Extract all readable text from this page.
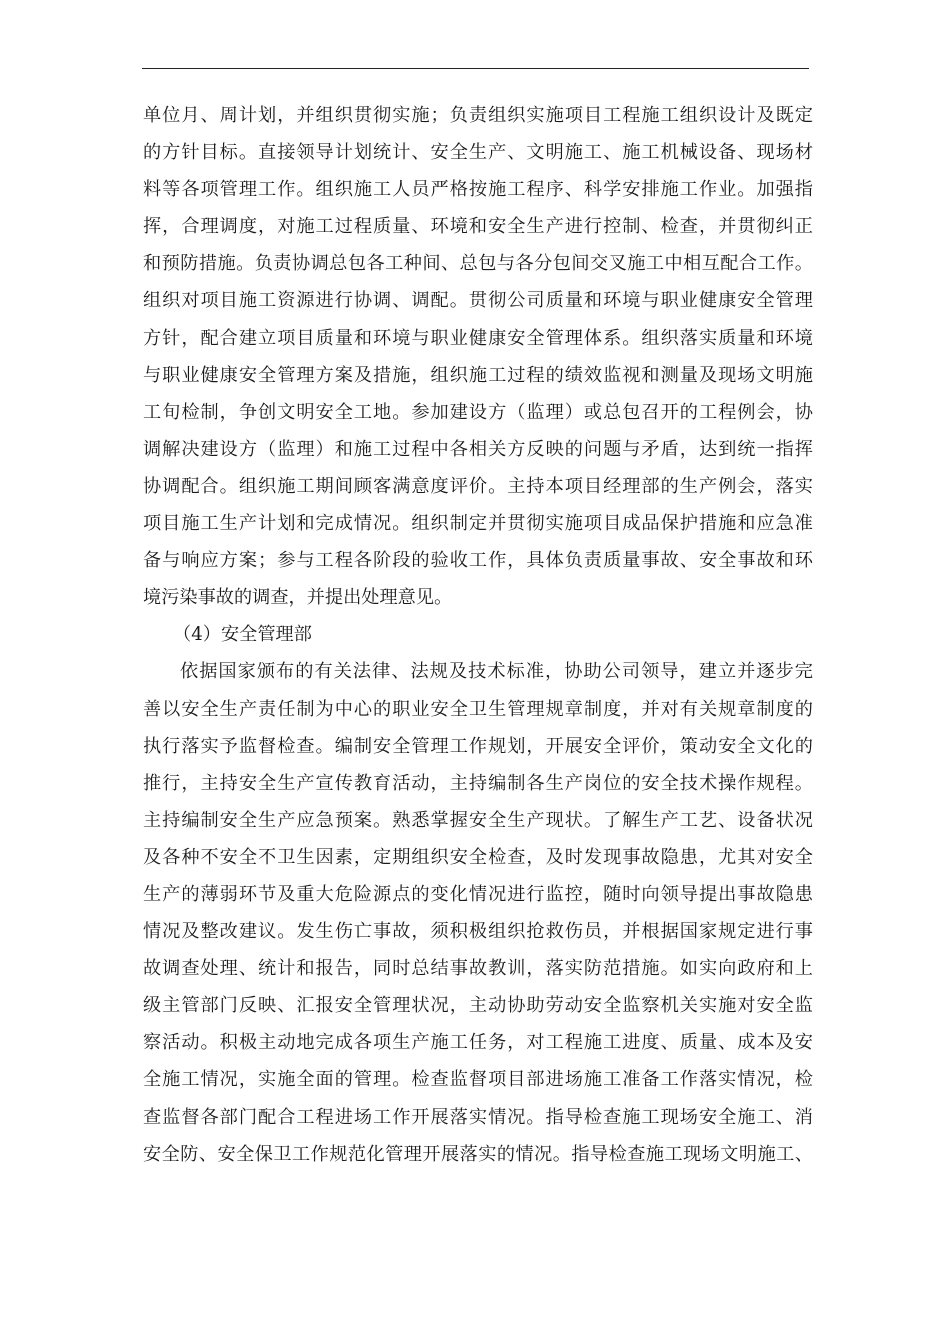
单位月、周计划，并组织贯彻实施；负责组织实施项目工程施工组织设计及既定
的方针目标。直接领导计划统计、安全生产、文明施工、施工机械设备、现场材
料等各项管理工作。组织施工人员严格按施工程序、科学安排施工作业。加强指
挥，合理调度，对施工过程质量、环境和安全生产进行控制、检查，并贯彻纠正
和预防措施。负责协调总包各工种间、总包与各分包间交叉施工中相互配合工作。
组织对项目施工资源进行协调、调配。贯彻公司质量和环境与职业健康安全管理
方针，配合建立项目质量和环境与职业健康安全管理体系。组织落实质量和环境
与职业健康安全管理方案及措施，组织施工过程的绩效监视和测量及现场文明施
工旬检制，争创文明安全工地。参加建设方（监理）或总包召开的工程例会，协
调解决建设方（监理）和施工过程中各相关方反映的问题与矛盾，达到统一指挥
协调配合。组织施工期间顾客满意度评价。主持本项目经理部的生产例会，落实
项目施工生产计划和完成情况。组织制定并贯彻实施项目成品保护措施和应急准
备与响应方案；参与工程各阶段的验收工作，具体负责质量事故、安全事故和环
境污染事故的调查，并提出处理意见。
（4）安全管理部
依据国家颁布的有关法律、法规及技术标准，协助公司领导，建立并逐步完
善以安全生产责任制为中心的职业安全卫生管理规章制度，并对有关规章制度的
执行落实予监督检查。编制安全管理工作规划，开展安全评价，策动安全文化的
推行，主持安全生产宣传教育活动，主持编制各生产岗位的安全技术操作规程。
主持编制安全生产应急预案。熟悉掌握安全生产现状。了解生产工艺、设备状况
及各种不安全不卫生因素，定期组织安全检查，及时发现事故隐患，尤其对安全
生产的薄弱环节及重大危险源点的变化情况进行监控，随时向领导提出事故隐患
情况及整改建议。发生伤亡事故，须积极组织抢救伤员，并根据国家规定进行事
故调查处理、统计和报告，同时总结事故教训，落实防范措施。如实向政府和上
级主管部门反映、汇报安全管理状况，主动协助劳动安全监察机关实施对安全监
察活动。积极主动地完成各项生产施工任务，对工程施工进度、质量、成本及安
全施工情况，实施全面的管理。检查监督项目部进场施工准备工作落实情况，检
查监督各部门配合工程进场工作开展落实情况。指导检查施工现场安全施工、消
安全防、安全保卫工作规范化管理开展落实的情况。指导检查施工现场文明施工、
